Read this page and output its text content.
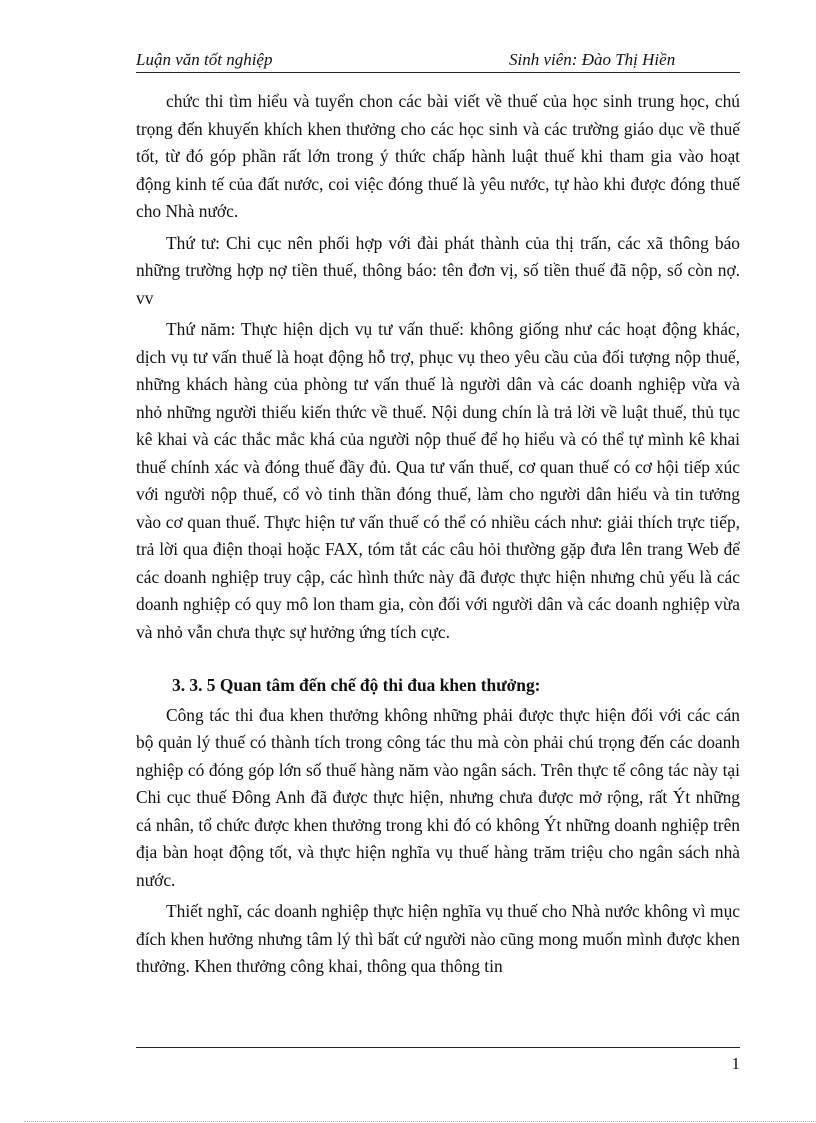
Luận văn tốt nghiệp	Sinh viên: Đào Thị Hiền

chức thi tìm hiểu và tuyển chon các bài viết về thuế của học sinh trung học, chú trọng đến khuyến khích khen thưởng cho các học sinh và các trường giáo dục về thuế tốt, từ đó góp phần rất lớn trong ý thức chấp hành luật thuế khi tham gia vào hoạt động kinh tế của đất nước, coi việc đóng thuế là yêu nước, tự hào khi được đóng thuế cho Nhà nước.

Thứ tư: Chi cục nên phối hợp với đài phát thành của thị trấn, các xã thông báo những trường hợp nợ tiền thuế, thông báo: tên đơn vị, số tiền thuế đã nộp, số còn nợ. vv

Thứ năm: Thực hiện dịch vụ tư vấn thuế: không giống như các hoạt động khác, dịch vụ tư vấn thuế là hoạt động hỗ trợ, phục vụ theo yêu cầu của đối tượng nộp thuế, những khách hàng của phòng tư vấn thuế là người dân và các doanh nghiệp vừa và nhỏ những người thiếu kiến thức về thuế. Nội dung chín là trả lời về luật thuế, thủ tục kê khai và các thắc mắc khá của người nộp thuế để họ hiểu và có thể tự mình kê khai thuế chính xác và đóng thuế đầy đủ. Qua tư vấn thuế, cơ quan thuế có cơ hội tiếp xúc với người nộp thuế, cổ vò tinh thần đóng thuế, làm cho người dân hiểu và tin tưởng vào cơ quan thuế. Thực hiện tư vấn thuế có thể có nhiều cách như: giải thích trực tiếp, trả lời qua điện thoại hoặc FAX, tóm tắt các câu hỏi thường gặp đưa lên trang Web để các doanh nghiệp truy cập, các hình thức này đã được thực hiện nhưng chủ yếu là các doanh nghiệp có quy mô lon tham gia, còn đối với người dân và các doanh nghiệp vừa và nhỏ vẫn chưa thực sự hưởng ứng tích cực.

3. 3. 5 Quan tâm đến chế độ thi đua khen thưởng:

Công tác thi đua khen thưởng không những phải được thực hiện đối với các cán bộ quản lý thuế có thành tích trong công tác thu mà còn phải chú trọng đến các doanh nghiệp có đóng góp lớn số thuế hàng năm vào ngân sách. Trên thực tế công tác này tại Chi cục thuế Đông Anh đã được thực hiện, nhưng chưa được mở rộng, rất Ýt những cá nhân, tổ chức được khen thưởng trong khi đó có không Ýt những doanh nghiệp trên địa bàn hoạt động tốt, và thực hiện nghĩa vụ thuế hàng trăm triệu cho ngân sách nhà nước.

Thiết nghĩ, các doanh nghiệp thực hiện nghĩa vụ thuế cho Nhà nước không vì mục đích khen hưởng nhưng tâm lý thì bất cứ người nào cũng mong muốn mình được khen thưởng. Khen thưởng công khai, thông qua thông tin

1
